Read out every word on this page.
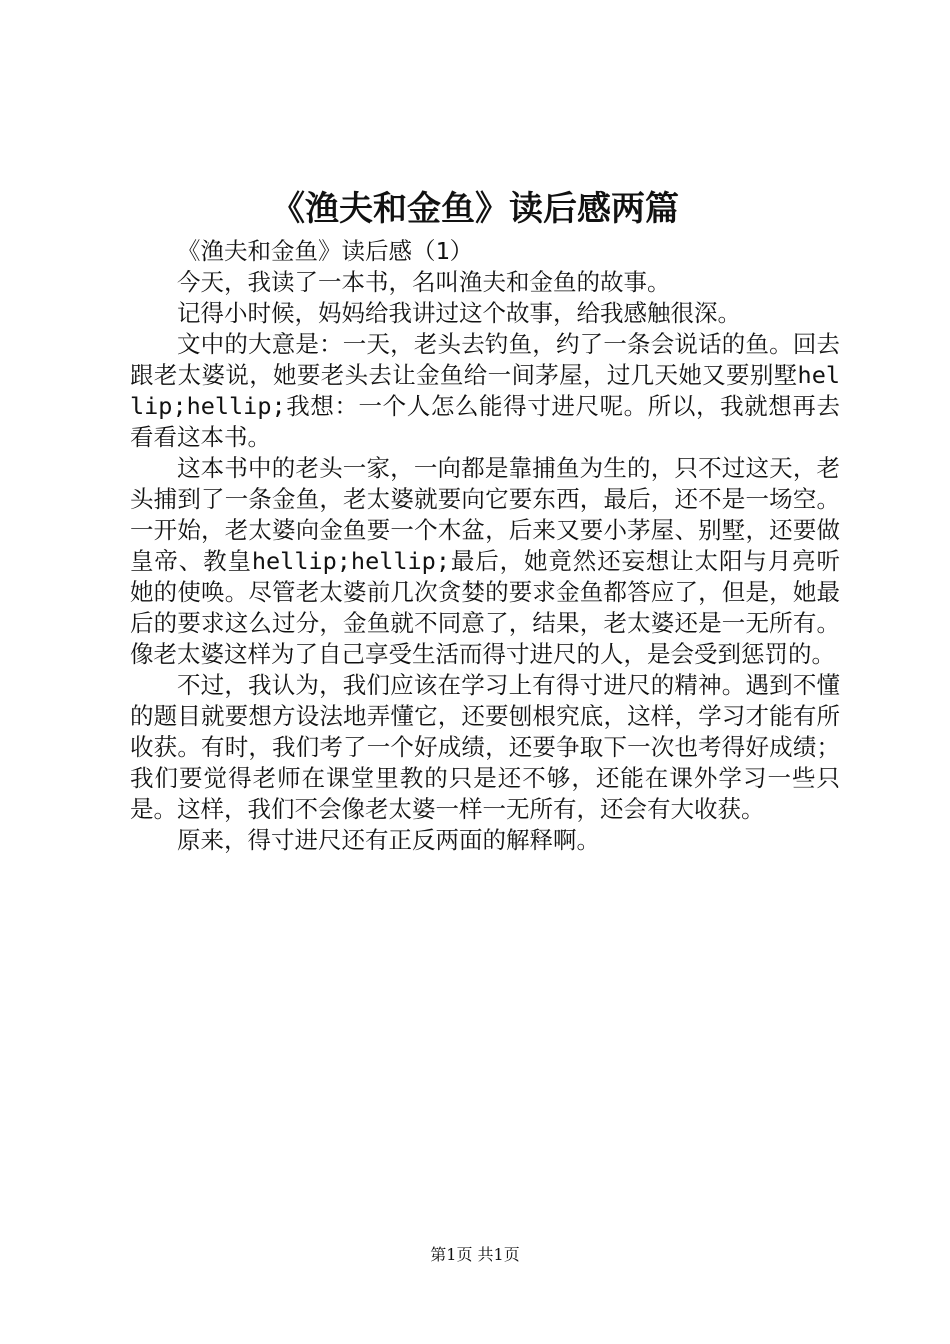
《渔夫和金鱼》读后感两篇

《渔夫和金鱼》读后感（1）

今天，我读了一本书，名叫渔夫和金鱼的故事。

记得小时候，妈妈给我讲过这个故事，给我感触很深。

文中的大意是：一天，老头去钓鱼，约了一条会说话的鱼。回去跟老太婆说，她要老头去让金鱼给一间茅屋，过几天她又要别墅hellip;hellip;我想：一个人怎么能得寸进尺呢。所以，我就想再去看看这本书。

这本书中的老头一家，一向都是靠捕鱼为生的，只不过这天，老头捕到了一条金鱼，老太婆就要向它要东西，最后，还不是一场空。一开始，老太婆向金鱼要一个木盆，后来又要小茅屋、别墅，还要做皇帝、教皇hellip;hellip;最后，她竟然还妄想让太阳与月亮听她的使唤。尽管老太婆前几次贪婪的要求金鱼都答应了，但是，她最后的要求这么过分，金鱼就不同意了，结果，老太婆还是一无所有。像老太婆这样为了自己享受生活而得寸进尺的人，是会受到惩罚的。

不过，我认为，我们应该在学习上有得寸进尺的精神。遇到不懂的题目就要想方设法地弄懂它，还要刨根究底，这样，学习才能有所收获。有时，我们考了一个好成绩，还要争取下一次也考得好成绩；我们要觉得老师在课堂里教的只是还不够，还能在课外学习一些只是。这样，我们不会像老太婆一样一无所有，还会有大收获。

原来，得寸进尺还有正反两面的解释啊。

第1页 共1页
